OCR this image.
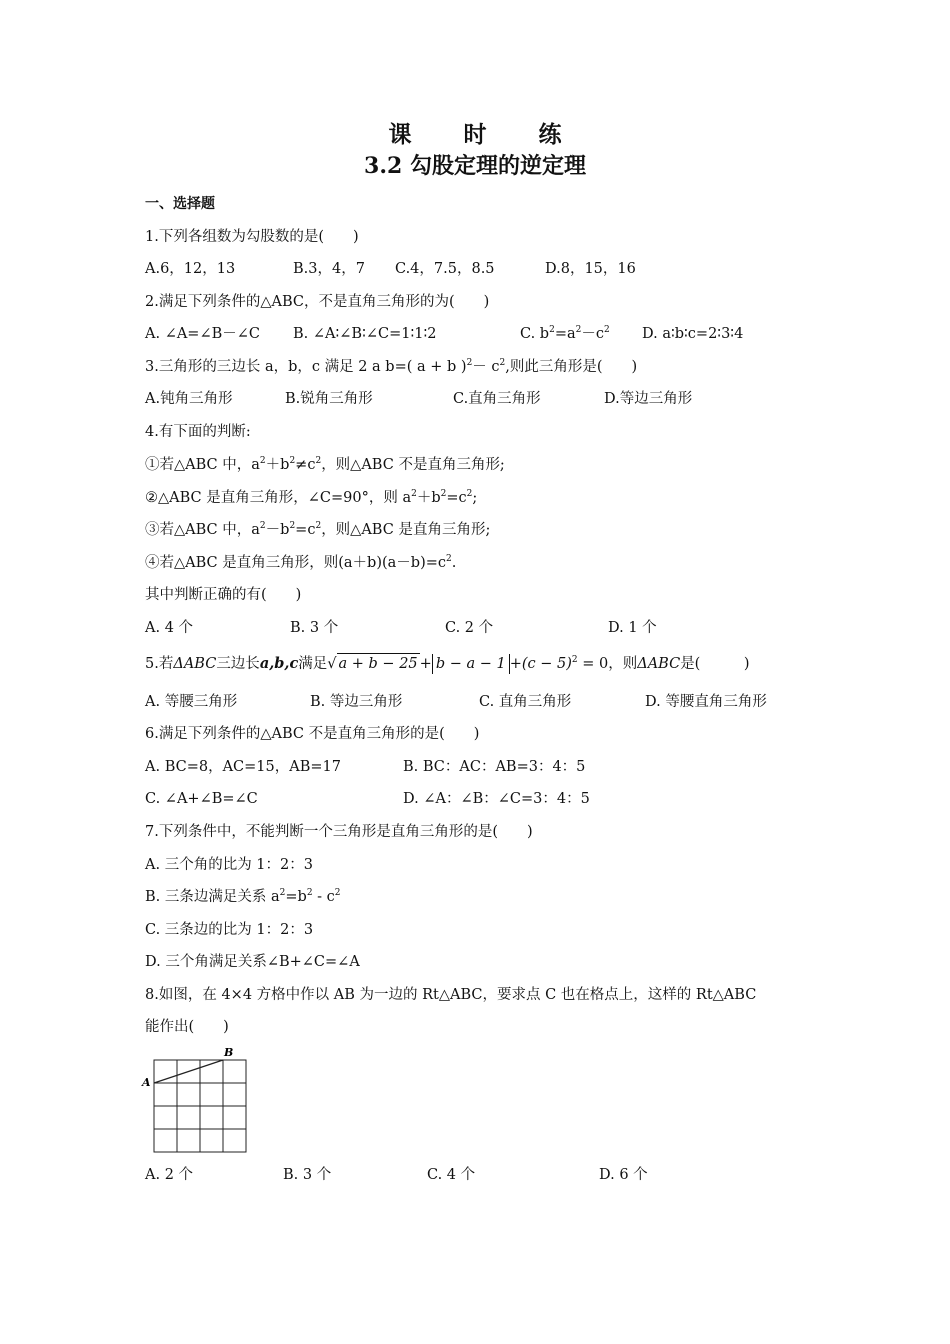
课 时 练
3.2 勾股定理的逆定理
一、选择题
1.下列各组数为勾股数的是(　　)
A.6，12，13	B.3，4，7 C.4，7.5，8.5	D.8，15，16
2.满足下列条件的△ABC，不是直角三角形的为(　　)
A. ∠A=∠B－∠C B. ∠A∶∠B∶∠C=1∶1∶2	C. $b^2=a^2-c^2$ D. a∶b∶c=2∶3∶4
3.三角形的三边长 a，b，c 满足 2 a b=( a + b )$^2- c^2$,则此三角形是(　　)
A.钝角三角形	B.锐角三角形	C.直角三角形	D.等边三角形
4.有下面的判断:
①若△ABC 中，$a^2+b^2\ne c^2$，则△ABC 不是直角三角形;
②△ABC 是直角三角形，∠C=90°，则 $a^2+b^2=c^2$;
③若△ABC 中，$a^2-b^2=c^2$，则△ABC 是直角三角形;
④若△ABC 是直角三角形，则$(a+b)(a-b)=c^2$.
其中判断正确的有(　　)
A. 4 个	B. 3 个	C. 2 个	D. 1 个
5.若ΔABC三边长a,b,c满足√ $a + b - 25 + b - a - 1 +(c - 5)^2 = 0$，则ΔABC是(　　　)
A. 等腰三角形	B. 等边三角形	C. 直角三角形	D. 等腰直角三角形
6.满足下列条件的△ABC 不是直角三角形的是(　　)
A. BC=8，AC=15，AB=17	B. BC：AC：AB=3：4：5
C. ∠A+∠B=∠C	D. ∠A：∠B：∠C=3：4：5
7.下列条件中，不能判断一个三角形是直角三角形的是(　　)
A. 三个角的比为 1：2：3
B. 三条边满足关系 $a^2=b^2 - c^2$
C. 三条边的比为 1：2：3
D. 三个角满足关系∠B+∠C=∠A
8.如图，在 4×4 方格中作以 AB 为一边的 Rt△ABC，要求点 C 也在格点上，这样的 Rt△ABC
能作出(　　)
A
B
A. 2 个	B. 3 个	C. 4 个	D. 6 个
